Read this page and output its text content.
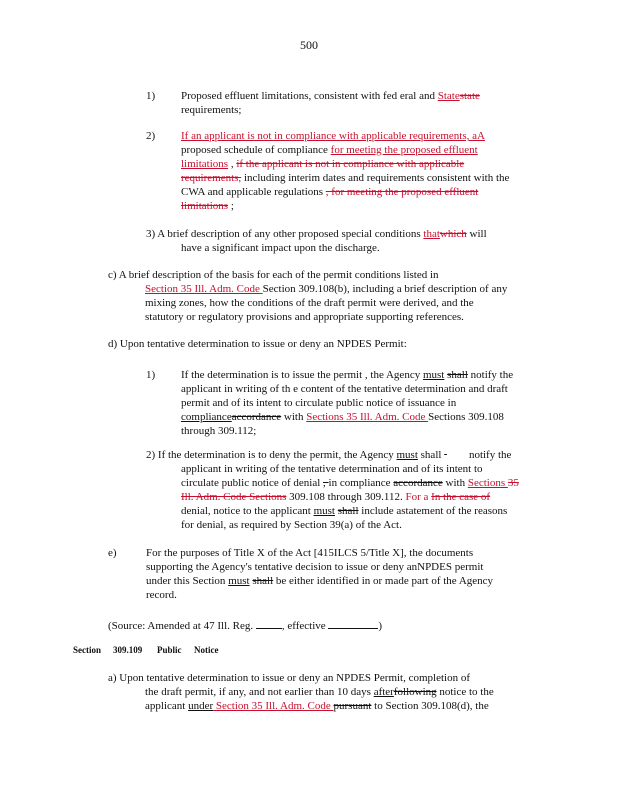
500
1) Proposed effluent limitations, consistent with fed eral and Statestate
requirements;
2) If an applicant is not in compliance with applicable requirements, aA
proposed schedule of compliance for meeting the proposed effluent
limitations , if the applicant is not in compliance with applicable
requirements, including interim dates and requirements consistent with the
CWA and applicable regulations , for meeting the proposed effluent
limitations ;
3) A brief description of any other proposed special conditions thatwhich will
have a significant impact upon the discharge.
c) A brief description of the basis for each of the permit conditions listed in
Section 35 Ill. Adm. Code Section 309.108(b), including a brief description of any
mixing zones, how the conditions of the draft permit were derived, and the
statutory or regulatory provisions and appropriate supporting references.
d) Upon tentative determination to issue or deny an NPDES Permit:
1) If the determination is to issue the permit , the Agency must shall notify the
applicant in writing of th e content of the tentative determination and draft
permit and of its intent to circulate public notice of issuance in
complianceaccordance with Sections 35 Ill. Adm. Code Sections 309.108
through 309.112;
2) If the determination is to deny the permit, the Agency must shall   notify the
applicant in writing of the tentative determination and of its intent to
circulate public notice of denial , in compliance accordance with Sections 35
Ill. Adm. Code Sections 309.108 through 309.112. For a In the case of
denial, notice to the applicant must shall include astatement of the reasons
for denial, as required by Section 39(a) of the Act.
e)	For the purposes of Title X of the Act [415ILCS 5/Title X], the documents
supporting the Agency's tentative decision to issue or deny anNPDES permit
under this Section must shall be either identified in or made part of the Agency
record.
(Source: Amended at 47 Ill. Reg. , effective	)
Section 309.109 Public Notice
a) Upon tentative determination to issue or deny an NPDES Permit, completion of
the draft permit, if any, and not earlier than 10 days afterfollowing notice to the
applicant under Section 35 Ill. Adm. Code pursuant to Section 309.108(d), the
